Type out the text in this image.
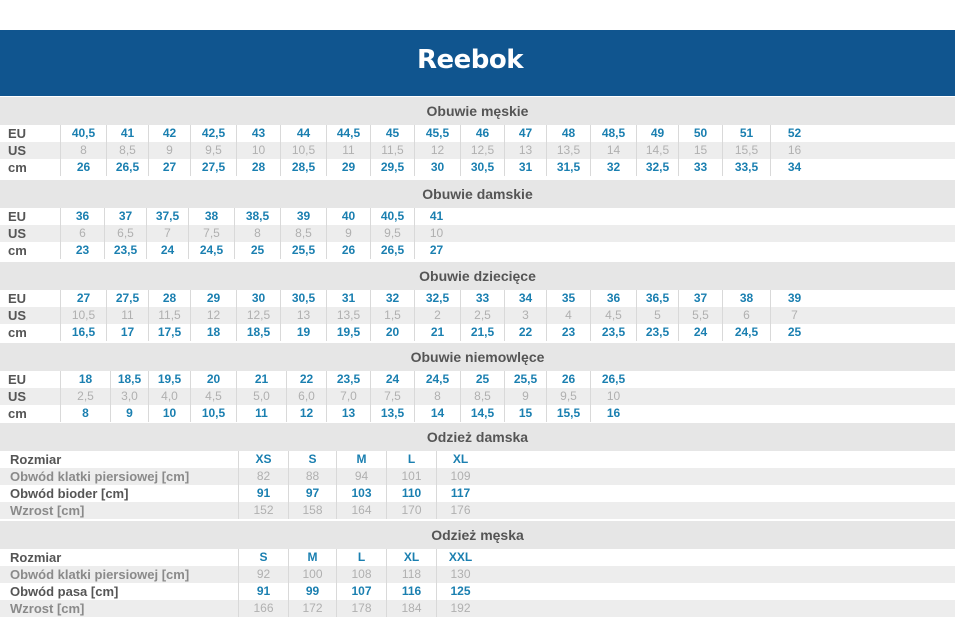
Reebok
Obuwie męskie
EU	40,5	41	42	42,5	43	44	44,5	45	45,5	46	47	48	48,5	49	50	51	52
US	8	8,5	9	9,5	10	10,5	11	11,5	12	12,5	13	13,5	14	14,5	15	15,5	16
cm	26	26,5	27	27,5	28	28,5	29	29,5	30	30,5	31	31,5	32	32,5	33	33,5	34
Obuwie damskie
EU	36	37	37,5	38	38,5	39	40	40,5	41
US	6	6,5	7	7,5	8	8,5	9	9,5	10
cm	23	23,5	24	24,5	25	25,5	26	26,5	27
Obuwie dziecięce
EU	27	27,5	28	29	30	30,5	31	32	32,5	33	34	35	36	36,5	37	38	39
US	10,5	11	11,5	12	12,5	13	13,5	1,5	2	2,5	3	4	4,5	5	5,5	6	7
cm	16,5	17	17,5	18	18,5	19	19,5	20	21	21,5	22	23	23,5	23,5	24	24,5	25
Obuwie niemowlęce
EU	18	18,5	19,5	20	21	22	23,5	24	24,5	25	25,5	26	26,5
US	2,5	3,0	4,0	4,5	5,0	6,0	7,0	7,5	8	8,5	9	9,5	10
cm	8	9	10	10,5	11	12	13	13,5	14	14,5	15	15,5	16
Odzież damska
Rozmiar	XS	S	M	L	XL
Obwód klatki piersiowej [cm]	82	88	94	101	109
Obwód bioder [cm]	91	97	103	110	117
Wzrost [cm]	152	158	164	170	176
Odzież męska
Rozmiar	S	M	L	XL	XXL
Obwód klatki piersiowej [cm]	92	100	108	118	130
Obwód pasa [cm]	91	99	107	116	125
Wzrost [cm]	166	172	178	184	192
